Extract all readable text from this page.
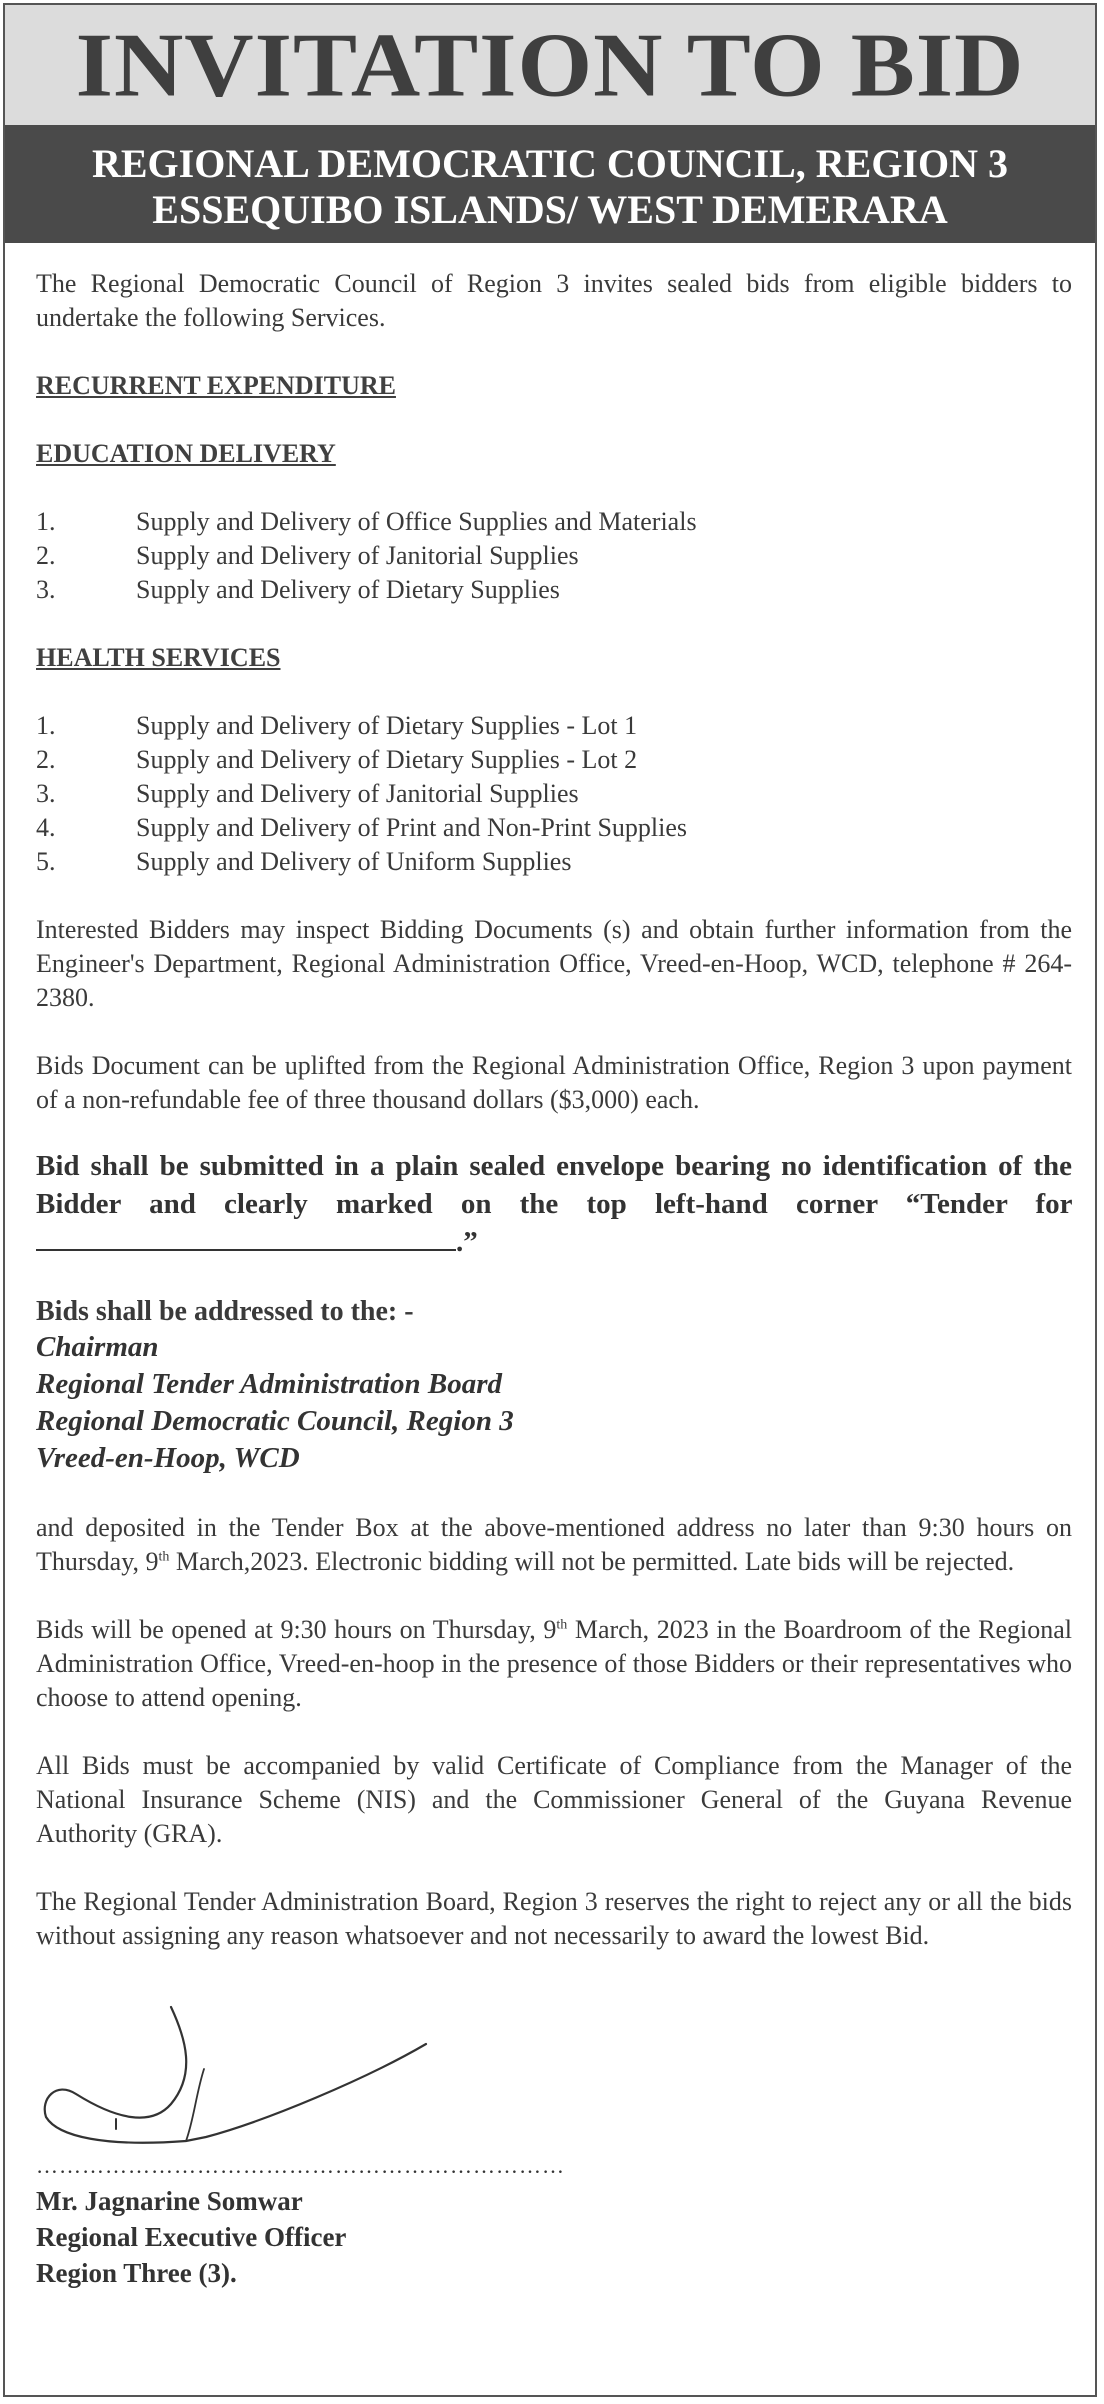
INVITATION TO BID
REGIONAL DEMOCRATIC COUNCIL, REGION 3
ESSEQUIBO ISLANDS/ WEST DEMERARA

The Regional Democratic Council of Region 3 invites sealed bids from eligible bidders to undertake the following Services.

RECURRENT EXPENDITURE

EDUCATION DELIVERY

1.	Supply and Delivery of Office Supplies and Materials
2.	Supply and Delivery of Janitorial Supplies
3.	Supply and Delivery of Dietary Supplies

HEALTH SERVICES

1.	Supply and Delivery of Dietary Supplies - Lot 1
2.	Supply and Delivery of Dietary Supplies - Lot 2
3.	Supply and Delivery of Janitorial Supplies
4.	Supply and Delivery of Print and Non-Print Supplies
5.	Supply and Delivery of Uniform Supplies

Interested Bidders may inspect Bidding Documents (s) and obtain further information from the Engineer's Department, Regional Administration Office, Vreed-en-Hoop, WCD, telephone # 264-2380.

Bids Document can be uplifted from the Regional Administration Office, Region 3 upon payment of a non-refundable fee of three thousand dollars ($3,000) each.

Bid shall be submitted in a plain sealed envelope bearing no identification of the Bidder and clearly marked on the top left-hand corner “Tender for .”

Bids shall be addressed to the: -
Chairman
Regional Tender Administration Board
Regional Democratic Council, Region 3
Vreed-en-Hoop, WCD

and deposited in the Tender Box at the above-mentioned address no later than 9:30 hours on Thursday, 9th March,2023. Electronic bidding will not be permitted. Late bids will be rejected.

Bids will be opened at 9:30 hours on Thursday, 9th March, 2023 in the Boardroom of the Regional Administration Office, Vreed-en-hoop in the presence of those Bidders or their representatives who choose to attend opening.

All Bids must be accompanied by valid Certificate of Compliance from the Manager of the National Insurance Scheme (NIS) and the Commissioner General of the Guyana Revenue Authority (GRA).

The Regional Tender Administration Board, Region 3 reserves the right to reject any or all the bids without assigning any reason whatsoever and not necessarily to award the lowest Bid.

……………………………………………………………
Mr. Jagnarine Somwar
Regional Executive Officer
Region Three (3).
